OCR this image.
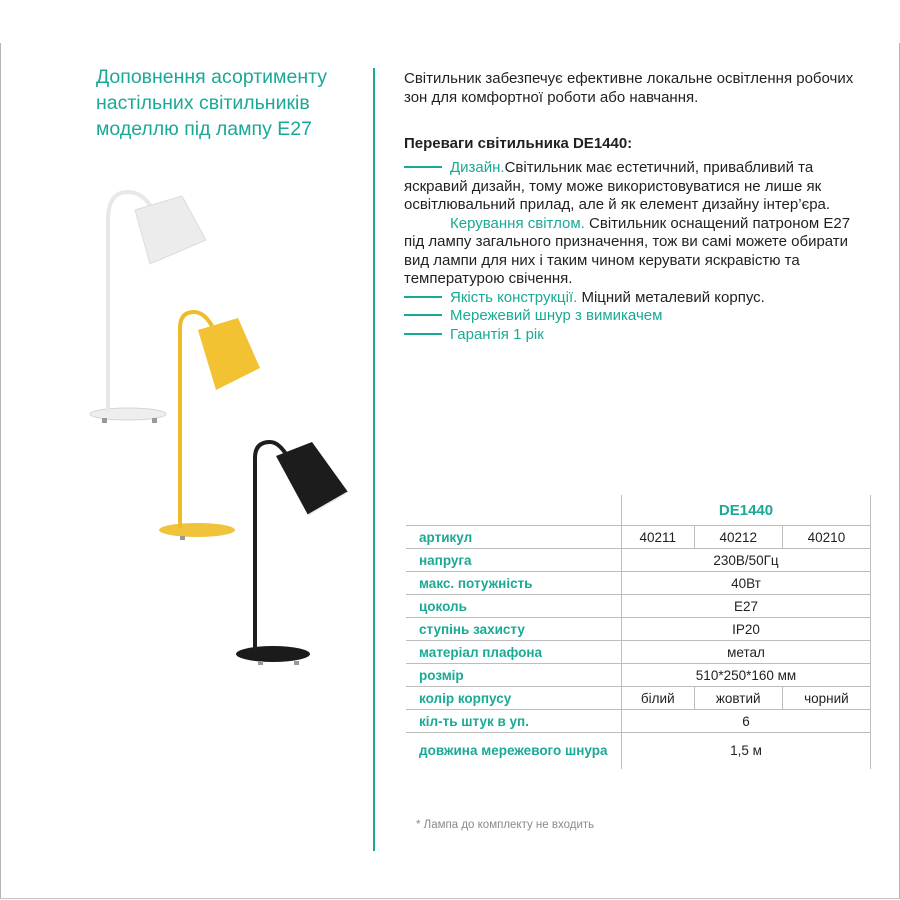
Доповнення асортименту настільних світильників моделлю під лампу Е27

Світильник забезпечує ефективне локальне освітлення робочих зон для комфортної роботи або навчання.

Переваги світильника DE1440:

Дизайн.Світильник має естетичний, привабливий та яскравий дизайн, тому може використовуватися не лише як освітлювальний прилад, але й як елемент дизайну інтер’єра.

Керування світлом. Світильник оснащений патроном Е27 під лампу загального призначення, тож ви самі можете обирати вид лампи для них і таким чином керувати яскравістю та температурою свічення.

Якість конструкції. Міцний металевий корпус.

Мережевий шнур з вимикачем

Гарантія 1 рік

	DE1440		
артикул	40211	40212	40210
напруга	230В/50Гц		
макс. потужність	40Вт		
цоколь	E27		
ступінь захисту	IP20		
матеріал плафона	метал		
розмір	510*250*160 мм		
колір корпусу	білий	жовтий	чорний
кіл-ть штук в уп.	6		
довжина мережевого шнура	1,5 м		

* Лампа до комплекту не входить
